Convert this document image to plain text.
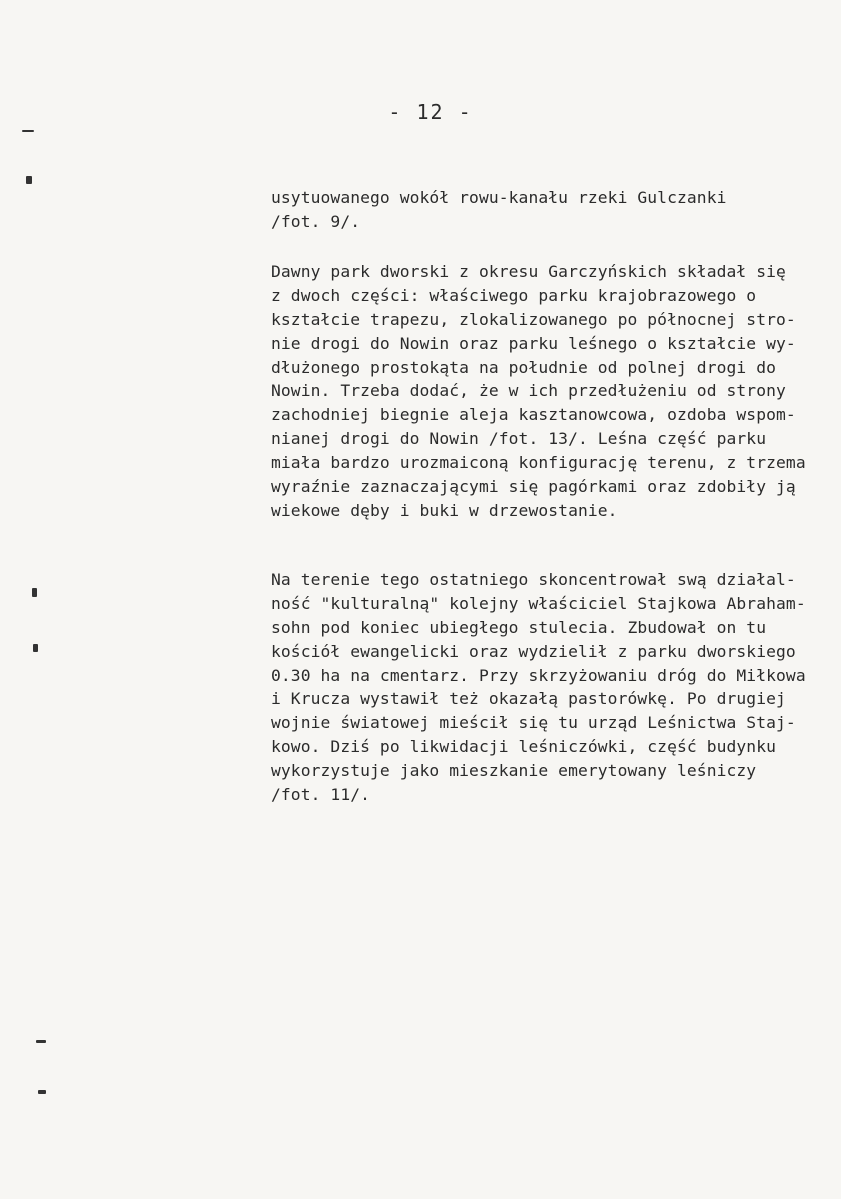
- 12 -
usytuowanego wokół rowu-kanału rzeki Gulczanki
/fot. 9/.
Dawny park dworski z okresu Garczyńskich składał się
z dwoch części: właściwego parku krajobrazowego o
kształcie trapezu, zlokalizowanego po północnej stro-
nie drogi do Nowin oraz parku leśnego o kształcie wy-
dłużonego prostokąta na południe od polnej drogi do
Nowin. Trzeba dodać, że w ich przedłużeniu od strony
zachodniej biegnie aleja kasztanowcowa, ozdoba wspom-
nianej drogi do Nowin /fot. 13/. Leśna część parku
miała bardzo urozmaiconą konfigurację terenu, z trzema
wyraźnie zaznaczającymi się pagórkami oraz zdobiły ją
wiekowe dęby i buki w drzewostanie.
Na terenie tego ostatniego skoncentrował swą działal-
ność "kulturalną" kolejny właściciel Stajkowa Abraham-
sohn pod koniec ubiegłego stulecia. Zbudował on tu
kościół ewangelicki oraz wydzielił z parku dworskiego
0.30 ha na cmentarz. Przy skrzyżowaniu dróg do Miłkowa
i Krucza wystawił też okazałą pastorówkę. Po drugiej
wojnie światowej mieścił się tu urząd Leśnictwa Staj-
kowo. Dziś po likwidacji leśniczówki, część budynku
wykorzystuje jako mieszkanie emerytowany leśniczy
/fot. 11/.
